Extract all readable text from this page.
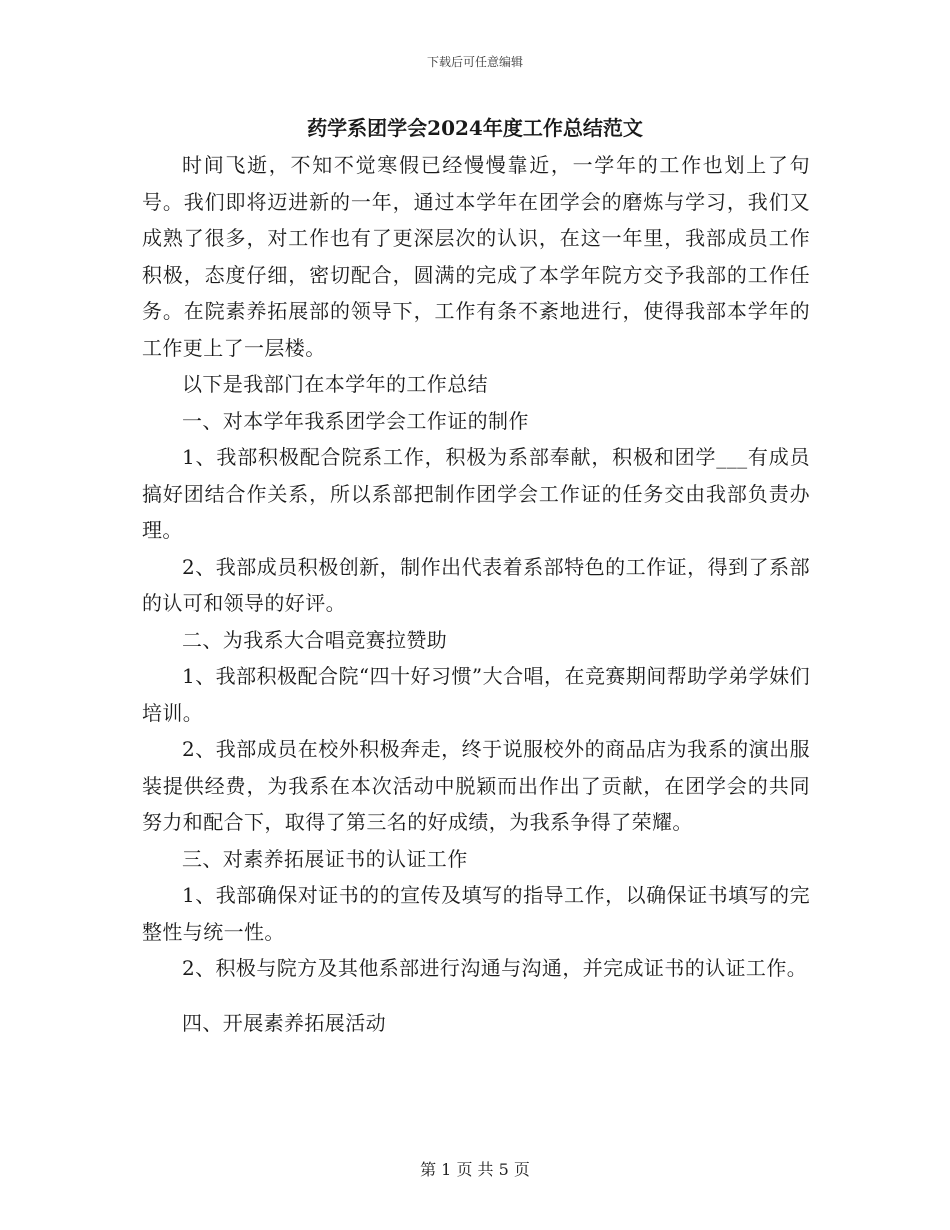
下载后可任意编辑
药学系团学会2024年度工作总结范文

时间飞逝，不知不觉寒假已经慢慢靠近，一学年的工作也划上了句号。我们即将迈进新的一年，通过本学年在团学会的磨炼与学习，我们又成熟了很多，对工作也有了更深层次的认识，在这一年里，我部成员工作积极，态度仔细，密切配合，圆满的完成了本学年院方交予我部的工作任务。在院素养拓展部的领导下，工作有条不紊地进行，使得我部本学年的工作更上了一层楼。

以下是我部门在本学年的工作总结

一、对本学年我系团学会工作证的制作

1、我部积极配合院系工作，积极为系部奉献，积极和团学___有成员搞好团结合作关系，所以系部把制作团学会工作证的任务交由我部负责办理。

2、我部成员积极创新，制作出代表着系部特色的工作证，得到了系部的认可和领导的好评。

二、为我系大合唱竞赛拉赞助

1、我部积极配合院“四十好习惯”大合唱，在竞赛期间帮助学弟学妹们培训。

2、我部成员在校外积极奔走，终于说服校外的商品店为我系的演出服装提供经费，为我系在本次活动中脱颖而出作出了贡献，在团学会的共同努力和配合下，取得了第三名的好成绩，为我系争得了荣耀。

三、对素养拓展证书的认证工作

1、我部确保对证书的的宣传及填写的指导工作，以确保证书填写的完整性与统一性。

2、积极与院方及其他系部进行沟通与沟通，并完成证书的认证工作。

四、开展素养拓展活动

第 1 页 共 5 页
